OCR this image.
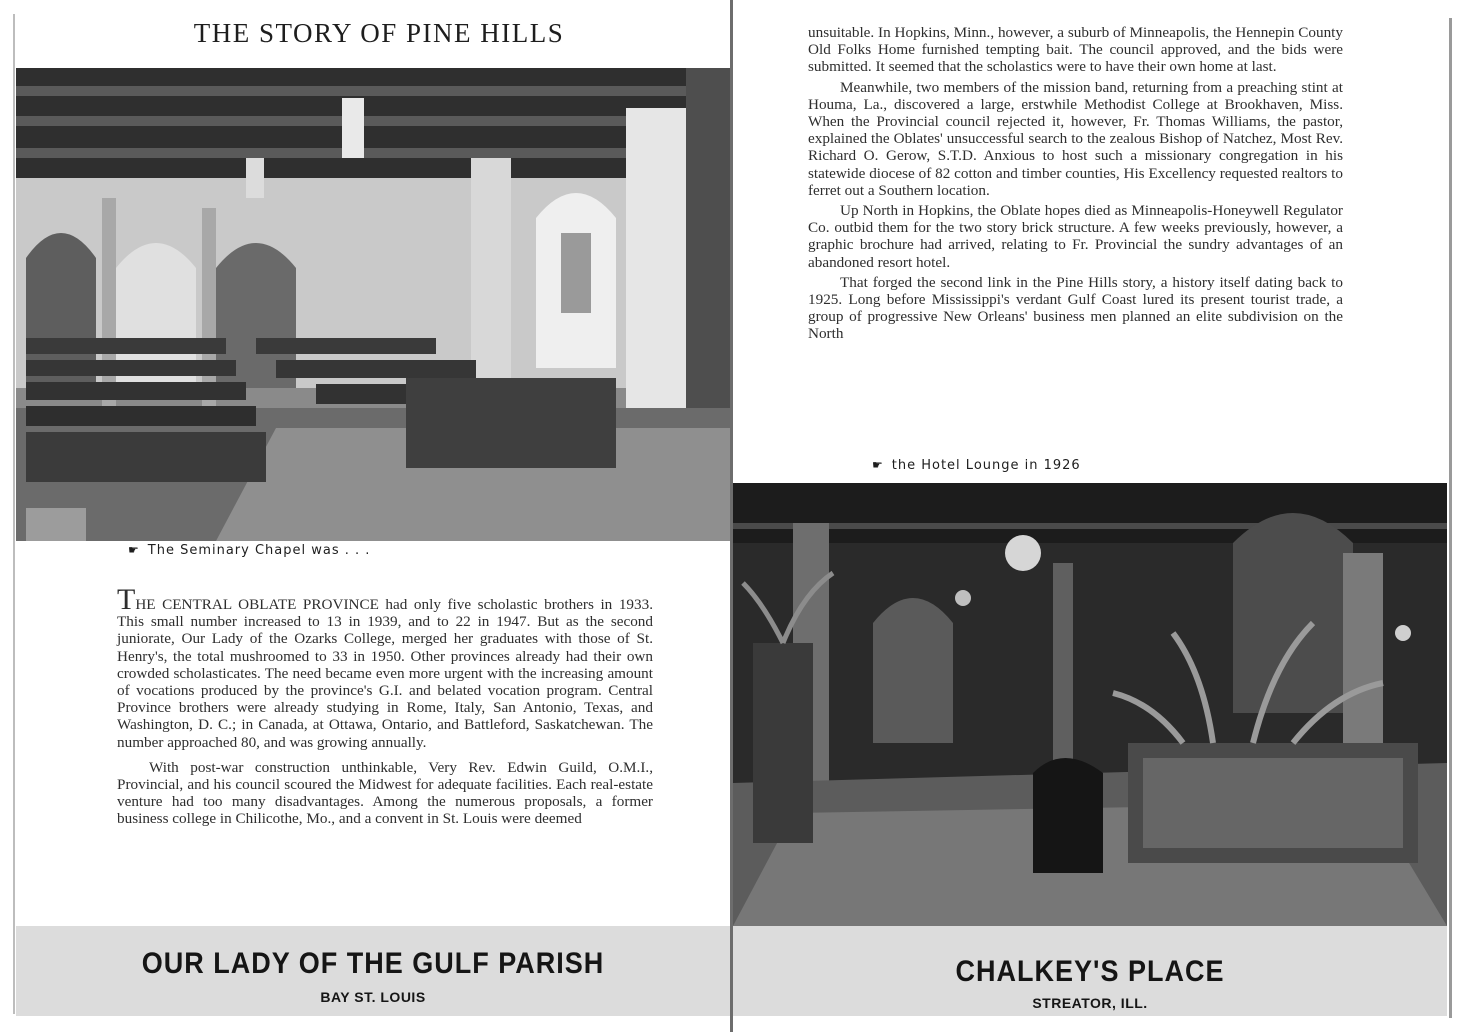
THE STORY OF PINE HILLS
☛ The Seminary Chapel was . . .

THE CENTRAL OBLATE PROVINCE had only five scholastic brothers in 1933. This small number increased to 13 in 1939, and to 22 in 1947. But as the second juniorate, Our Lady of the Ozarks College, merged her graduates with those of St. Henry's, the total mushroomed to 33 in 1950. Other provinces already had their own crowded scholasticates. The need became even more urgent with the increasing amount of vocations produced by the province's G.I. and belated vocation program. Central Province brothers were already studying in Rome, Italy, San Antonio, Texas, and Washington, D. C.; in Canada, at Ottawa, Ontario, and Battleford, Saskatchewan. The number approached 80, and was growing annually.

With post-war construction unthinkable, Very Rev. Edwin Guild, O.M.I., Provincial, and his council scoured the Midwest for adequate facilities. Each real-estate venture had too many disadvantages. Among the numerous proposals, a former business college in Chilicothe, Mo., and a convent in St. Louis were deemed

OUR LADY OF THE GULF PARISH
BAY ST. LOUIS

unsuitable. In Hopkins, Minn., however, a suburb of Minneapolis, the Hennepin County Old Folks Home furnished tempting bait. The council approved, and the bids were submitted. It seemed that the scholastics were to have their own home at last.

Meanwhile, two members of the mission band, returning from a preaching stint at Houma, La., discovered a large, erstwhile Methodist College at Brookhaven, Miss. When the Provincial council rejected it, however, Fr. Thomas Williams, the pastor, explained the Oblates' unsuccessful search to the zealous Bishop of Natchez, Most Rev. Richard O. Gerow, S.T.D. Anxious to host such a missionary congregation in his statewide diocese of 82 cotton and timber counties, His Excellency requested realtors to ferret out a Southern location.

Up North in Hopkins, the Oblate hopes died as Minneapolis-Honeywell Regulator Co. outbid them for the two story brick structure. A few weeks previously, however, a graphic brochure had arrived, relating to Fr. Provincial the sundry advantages of an abandoned resort hotel.

That forged the second link in the Pine Hills story, a history itself dating back to 1925. Long before Mississippi's verdant Gulf Coast lured its present tourist trade, a group of progressive New Orleans' business men planned an elite subdivision on the North

☛ the Hotel Lounge in 1926
CHALKEY'S PLACE
STREATOR, ILL.
